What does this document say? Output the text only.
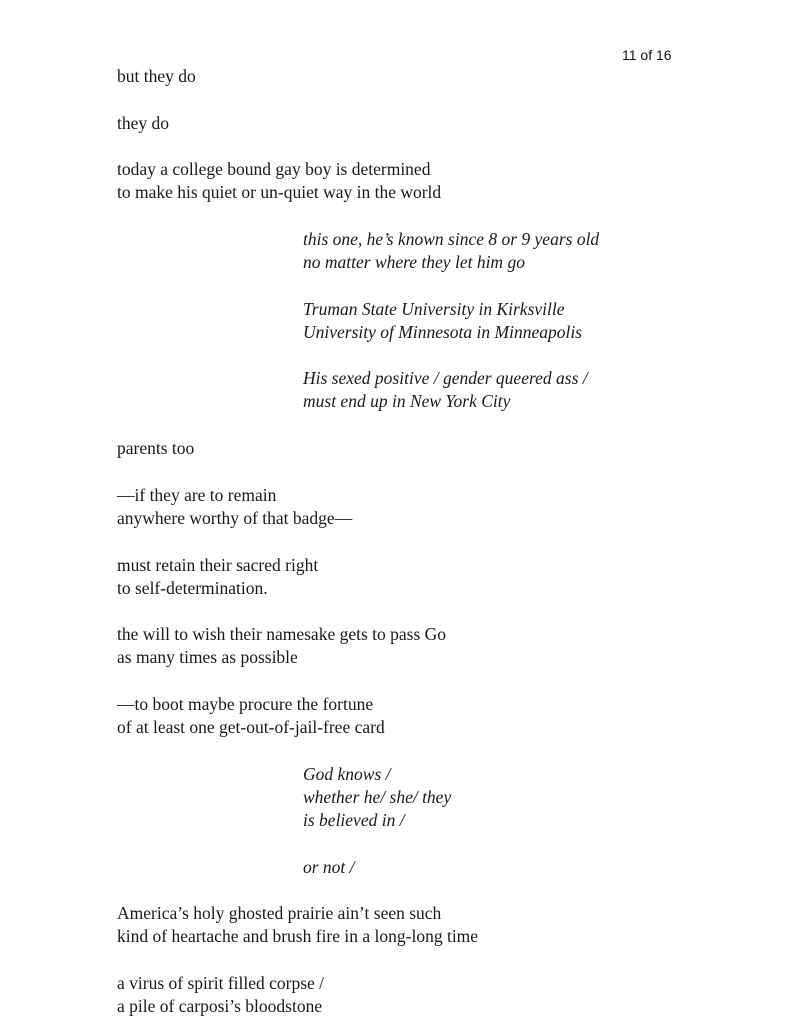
11 of 16
but they do
they do
today a college bound gay boy is determined
to make his quiet or un-quiet way in the world
this one, he’s known since 8 or 9 years old
no matter where they let him go
Truman State University in Kirksville
University of Minnesota in Minneapolis
His sexed positive / gender queered ass /
must end up in New York City
parents too
—if they are to remain
anywhere worthy of that badge—
must retain their sacred right
to self-determination.
the will to wish their namesake gets to pass Go
as many times as possible
—to boot maybe procure the fortune
of at least one get-out-of-jail-free card
God knows /
whether he/ she/ they
is believed in /
or not /
America’s holy ghosted prairie ain’t seen such
kind of heartache and brush fire in a long-long time
a virus of spirit filled corpse /
a pile of carposi’s bloodstone
